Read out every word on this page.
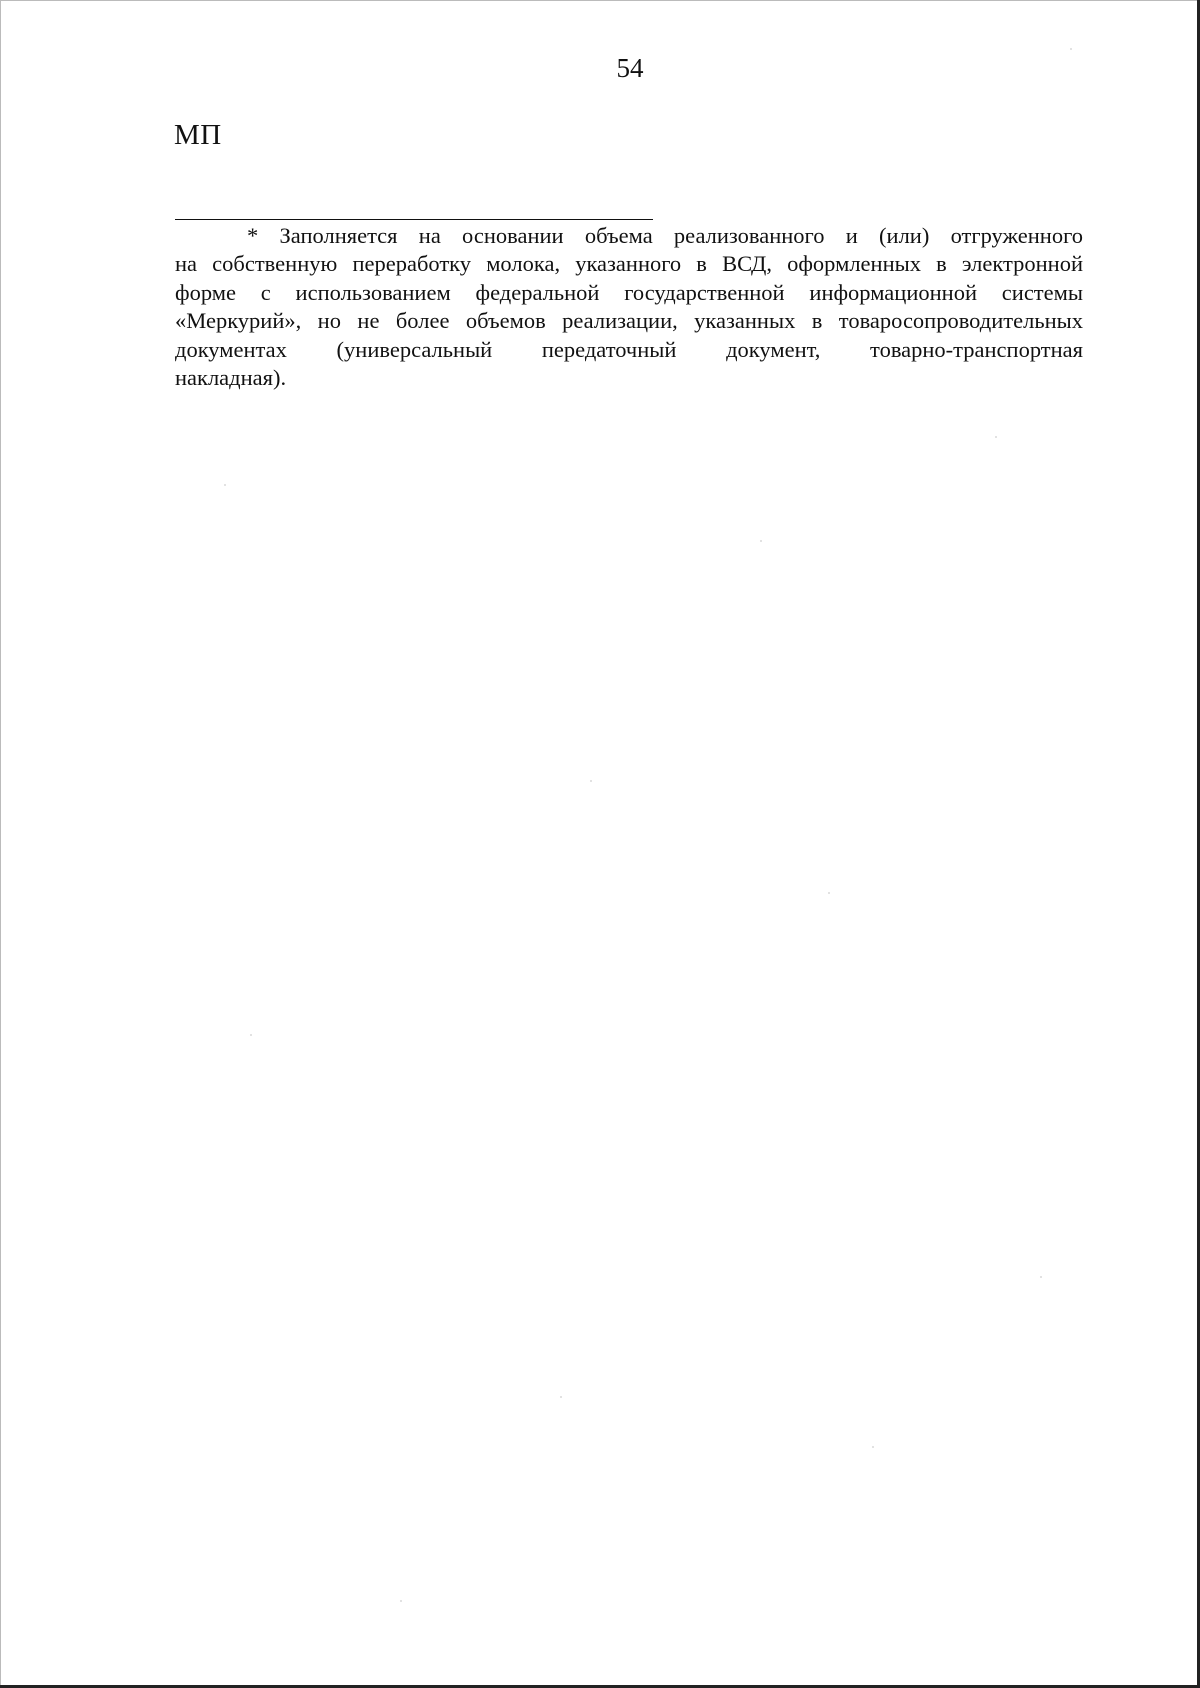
54
МП
* Заполняется на основании объема реализованного и (или) отгруженного
на собственную переработку молока, указанного в ВСД, оформленных в электронной
форме с использованием федеральной государственной информационной системы
«Меркурий», но не более объемов реализации, указанных в товаросопроводительных
документах (универсальный передаточный документ, товарно-транспортная
накладная).
